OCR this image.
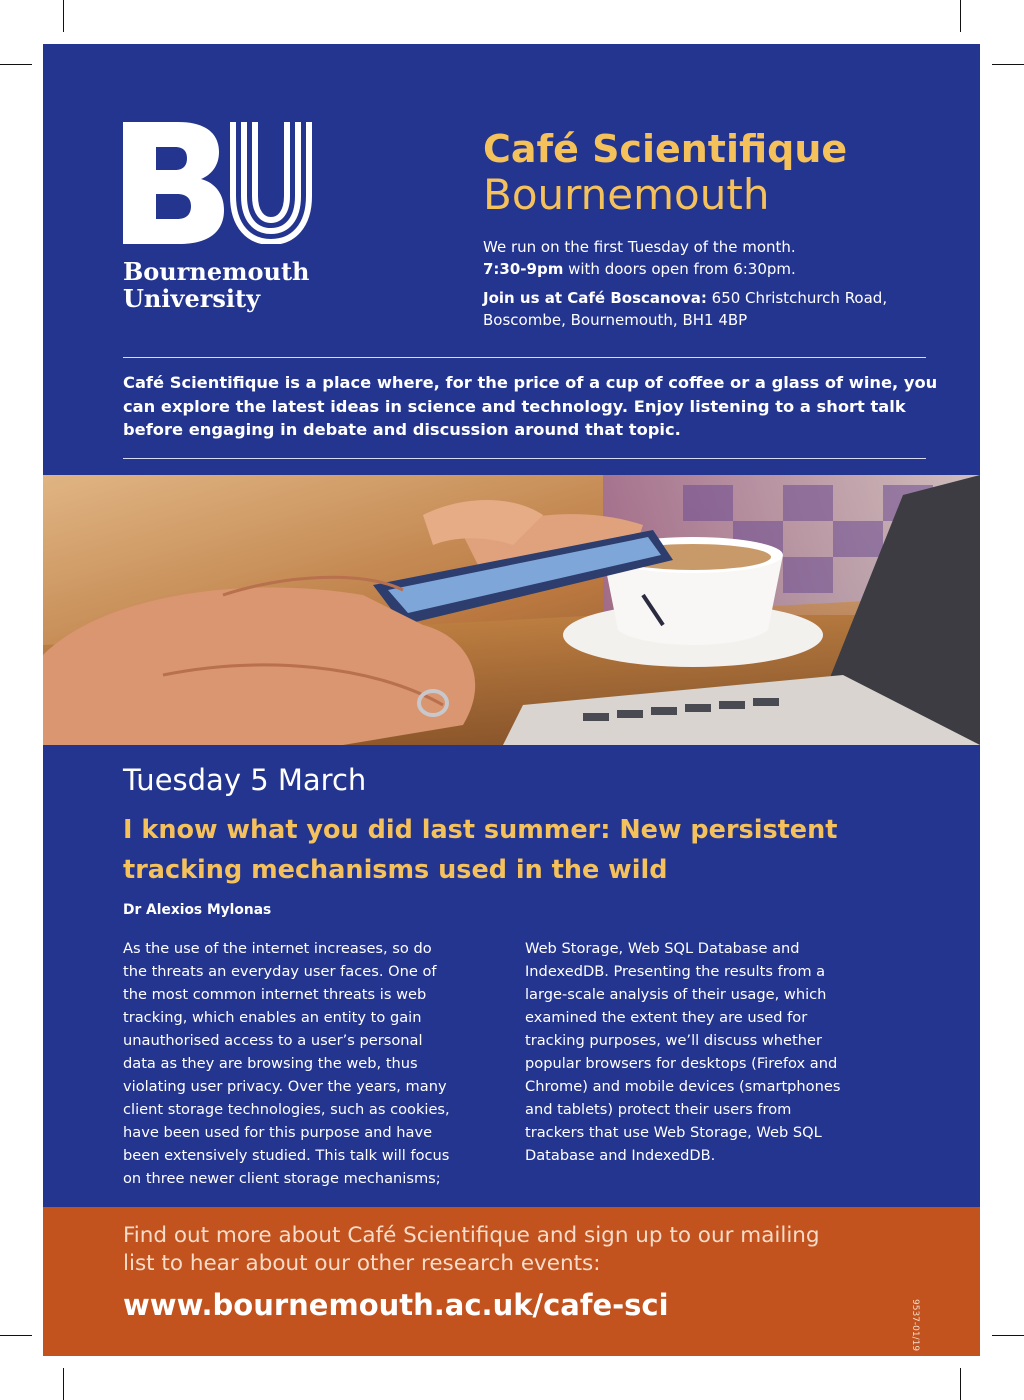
Bournemouth
University
Café Scientifique
Bournemouth

We run on the first Tuesday of the month.

7:30-9pm with doors open from 6:30pm.

Join us at Café Boscanova: 650 Christchurch Road,

Boscombe, Bournemouth, BH1 4BP

Café Scientifique is a place where, for the price of a cup of coffee or a glass of wine, you can explore the latest ideas in science and technology. Enjoy listening to a short talk before engaging in debate and discussion around that topic.
Tuesday 5 March
I know what you did last summer: New persistent
tracking mechanisms used in the wild
Dr Alexios Mylonas
As the use of the internet increases, so do
the threats an everyday user faces. One of
the most common internet threats is web
tracking, which enables an entity to gain
unauthorised access to a user’s personal
data as they are browsing the web, thus
violating user privacy. Over the years, many
client storage technologies, such as cookies,
have been used for this purpose and have
been extensively studied. This talk will focus
on three newer client storage mechanisms;
Web Storage, Web SQL Database and
IndexedDB. Presenting the results from a
large-scale analysis of their usage, which
examined the extent they are used for
tracking purposes, we’ll discuss whether
popular browsers for desktops (Firefox and
Chrome) and mobile devices (smartphones
and tablets) protect their users from
trackers that use Web Storage, Web SQL
Database and IndexedDB.
Find out more about Café Scientifique and sign up to our mailing
list to hear about our other research events:
www.bournemouth.ac.uk/cafe-sci	9537-01/19
